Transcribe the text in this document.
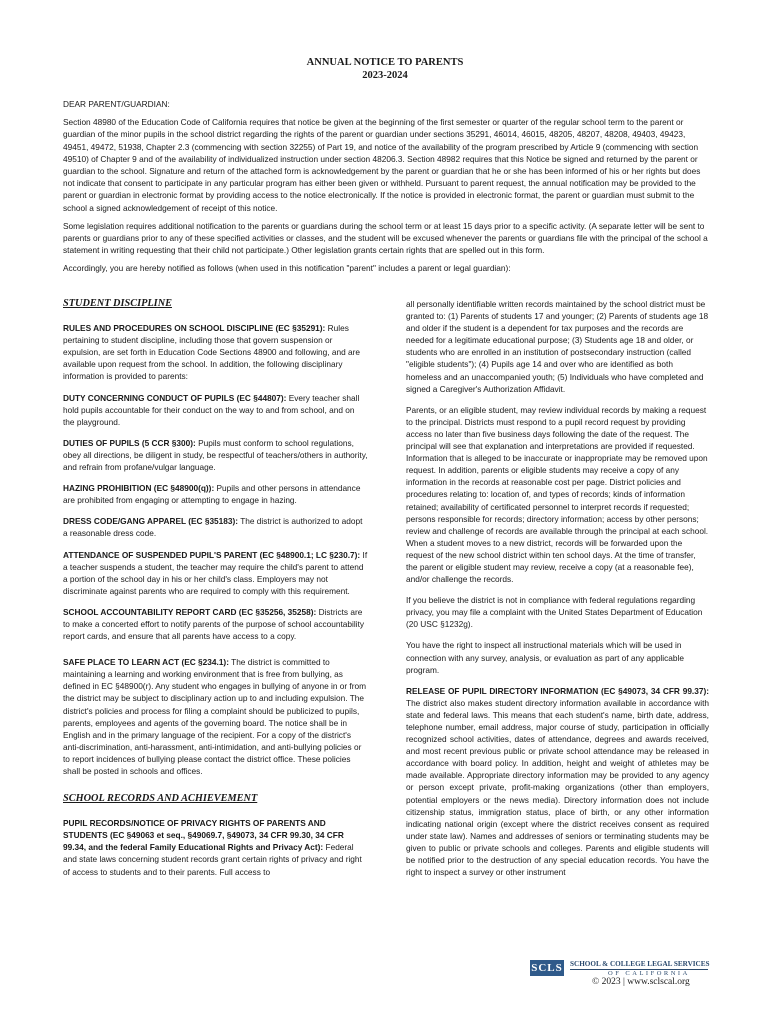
ANNUAL NOTICE TO PARENTS
2023-2024

DEAR PARENT/GUARDIAN:

Section 48980 of the Education Code of California requires that notice be given at the beginning of the first semester or quarter of the regular school term to the parent or guardian of the minor pupils in the school district regarding the rights of the parent or guardian under sections 35291, 46014, 46015, 48205, 48207, 48208, 49403, 49423, 49451, 49472, 51938, Chapter 2.3 (commencing with section 32255) of Part 19, and notice of the availability of the program prescribed by Article 9 (commencing with section 49510) of Chapter 9 and of the availability of individualized instruction under section 48206.3. Section 48982 requires that this Notice be signed and returned by the parent or guardian to the school. Signature and return of the attached form is acknowledgement by the parent or guardian that he or she has been informed of his or her rights but does not indicate that consent to participate in any particular program has either been given or withheld. Pursuant to parent request, the annual notification may be provided to the parent or guardian in electronic format by providing access to the notice electronically. If the notice is provided in electronic format, the parent or guardian must submit to the school a signed acknowledgement of receipt of this notice.

Some legislation requires additional notification to the parents or guardians during the school term or at least 15 days prior to a specific activity. (A separate letter will be sent to parents or guardians prior to any of these specified activities or classes, and the student will be excused whenever the parents or guardians file with the principal of the school a statement in writing requesting that their child not participate.) Other legislation grants certain rights that are spelled out in this form.

Accordingly, you are hereby notified as follows (when used in this notification "parent" includes a parent or legal guardian):

STUDENT DISCIPLINE

RULES AND PROCEDURES ON SCHOOL DISCIPLINE (EC §35291): Rules pertaining to student discipline, including those that govern suspension or expulsion, are set forth in Education Code Sections 48900 and following, and are available upon request from the school. In addition, the following disciplinary information is provided to parents:

DUTY CONCERNING CONDUCT OF PUPILS (EC §44807): Every teacher shall hold pupils accountable for their conduct on the way to and from school, and on the playground.

DUTIES OF PUPILS (5 CCR §300): Pupils must conform to school regulations, obey all directions, be diligent in study, be respectful of teachers/others in authority, and refrain from profane/vulgar language.

HAZING PROHIBITION (EC §48900(q)): Pupils and other persons in attendance are prohibited from engaging or attempting to engage in hazing.

DRESS CODE/GANG APPAREL (EC §35183): The district is authorized to adopt a reasonable dress code.

ATTENDANCE OF SUSPENDED PUPIL'S PARENT (EC §48900.1; LC §230.7): If a teacher suspends a student, the teacher may require the child's parent to attend a portion of the school day in his or her child's class. Employers may not discriminate against parents who are required to comply with this requirement.

SCHOOL ACCOUNTABILITY REPORT CARD (EC §35256, 35258): Districts are to make a concerted effort to notify parents of the purpose of school accountability report cards, and ensure that all parents have access to a copy.

SAFE PLACE TO LEARN ACT (EC §234.1): The district is committed to maintaining a learning and working environment that is free from bullying, as defined in EC §48900(r). Any student who engages in bullying of anyone in or from the district may be subject to disciplinary action up to and including expulsion. The district's policies and process for filing a complaint should be publicized to pupils, parents, employees and agents of the governing board. The notice shall be in English and in the primary language of the recipient. For a copy of the district's anti-discrimination, anti-harassment, anti-intimidation, and anti-bullying policies or to report incidences of bullying please contact the district office. These policies shall be posted in schools and offices.

SCHOOL RECORDS AND ACHIEVEMENT

PUPIL RECORDS/NOTICE OF PRIVACY RIGHTS OF PARENTS AND STUDENTS (EC §49063 et seq., §49069.7, §49073, 34 CFR 99.30, 34 CFR 99.34, and the federal Family Educational Rights and Privacy Act): Federal and state laws concerning student records grant certain rights of privacy and right of access to students and to their parents. Full access to

all personally identifiable written records maintained by the school district must be granted to: (1) Parents of students 17 and younger; (2) Parents of students age 18 and older if the student is a dependent for tax purposes and the records are needed for a legitimate educational purpose; (3) Students age 18 and older, or students who are enrolled in an institution of postsecondary instruction (called "eligible students"); (4) Pupils age 14 and over who are identified as both homeless and an unaccompanied youth; (5) Individuals who have completed and signed a Caregiver's Authorization Affidavit.

Parents, or an eligible student, may review individual records by making a request to the principal. Districts must respond to a pupil record request by providing access no later than five business days following the date of the request. The principal will see that explanation and interpretations are provided if requested. Information that is alleged to be inaccurate or inappropriate may be removed upon request. In addition, parents or eligible students may receive a copy of any information in the records at reasonable cost per page. District policies and procedures relating to: location of, and types of records; kinds of information retained; availability of certificated personnel to interpret records if requested; persons responsible for records; directory information; access by other persons; review and challenge of records are available through the principal at each school. When a student moves to a new district, records will be forwarded upon the request of the new school district within ten school days. At the time of transfer, the parent or eligible student may review, receive a copy (at a reasonable fee), and/or challenge the records.

If you believe the district is not in compliance with federal regulations regarding privacy, you may file a complaint with the United States Department of Education (20 USC §1232g).

You have the right to inspect all instructional materials which will be used in connection with any survey, analysis, or evaluation as part of any applicable program.

RELEASE OF PUPIL DIRECTORY INFORMATION (EC §49073, 34 CFR 99.37): The district also makes student directory information available in accordance with state and federal laws. This means that each student's name, birth date, address, telephone number, email address, major course of study, participation in officially recognized school activities, dates of attendance, degrees and awards received, and most recent previous public or private school attendance may be released in accordance with board policy. In addition, height and weight of athletes may be made available. Appropriate directory information may be provided to any agency or person except private, profit-making organizations (other than employers, potential employers or the news media). Directory information does not include citizenship status, immigration status, place of birth, or any other information indicating national origin (except where the district receives consent as required under state law). Names and addresses of seniors or terminating students may be given to public or private schools and colleges. Parents and eligible students will be notified prior to the destruction of any special education records. You have the right to inspect a survey or other instrument

SCLS SCHOOL & COLLEGE LEGAL SERVICES
OF CALIFORNIA
© 2023 | www.sclscal.org
